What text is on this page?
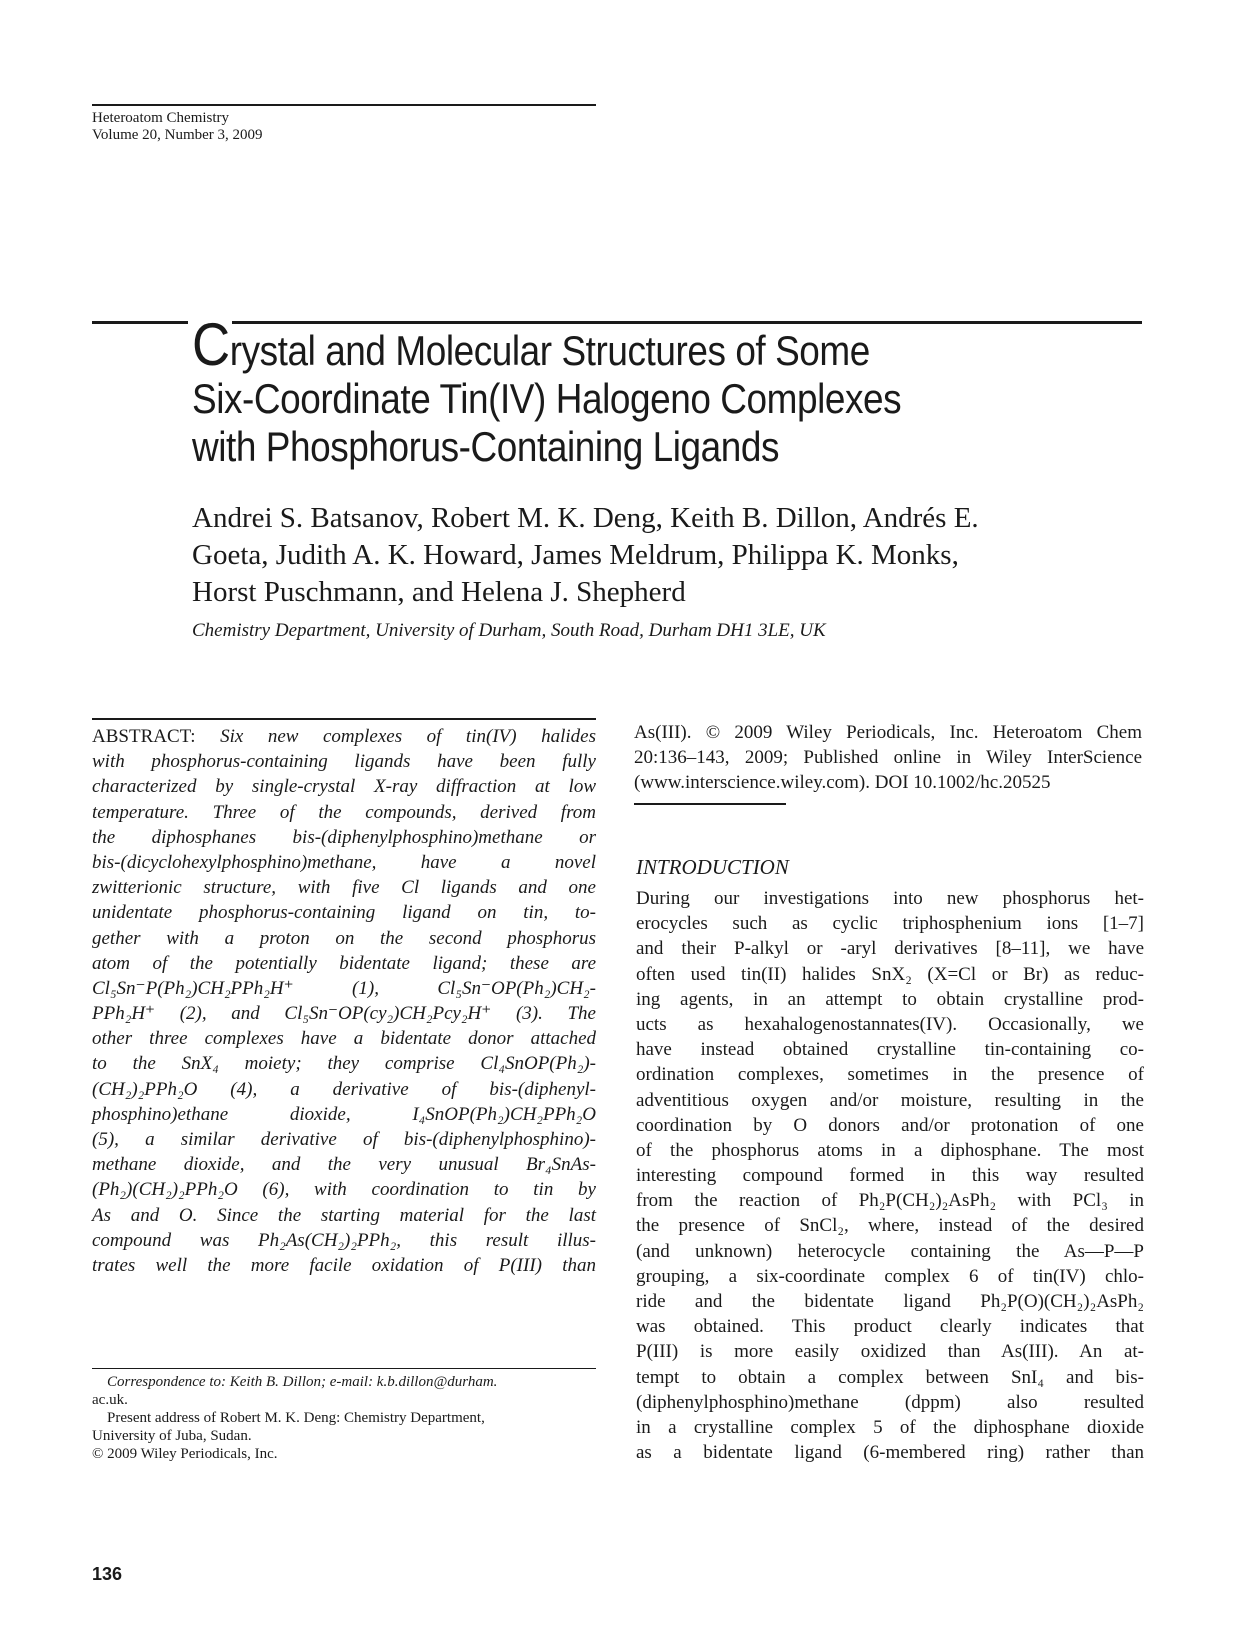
Heteroatom Chemistry
Volume 20, Number 3, 2009
Crystal and Molecular Structures of Some
Six-Coordinate Tin(IV) Halogeno Complexes
with Phosphorus-Containing Ligands
Andrei S. Batsanov, Robert M. K. Deng, Keith B. Dillon, Andrés E.
Goeta, Judith A. K. Howard, James Meldrum, Philippa K. Monks,
Horst Puschmann, and Helena J. Shepherd
Chemistry Department, University of Durham, South Road, Durham DH1 3LE, UK
ABSTRACT: Six new complexes of tin(IV) halides
with phosphorus-containing ligands have been fully
characterized by single-crystal X-ray diffraction at low
temperature. Three of the compounds, derived from
the diphosphanes bis-(diphenylphosphino)methane or
bis-(dicyclohexylphosphino)methane, have a novel
zwitterionic structure, with five Cl ligands and one
unidentate phosphorus-containing ligand on tin, to-
gether with a proton on the second phosphorus
atom of the potentially bidentate ligand; these are
Cl₅Sn⁻P(Ph₂)CH₂PPh₂H⁺ (1), Cl₅Sn⁻OP(Ph₂)CH₂-
PPh₂H⁺ (2), and Cl₅Sn⁻OP(cy₂)CH₂Pcy₂H⁺ (3). The
other three complexes have a bidentate donor attached
to the SnX₄ moiety; they comprise Cl₄SnOP(Ph₂)-
(CH₂)₂PPh₂O (4), a derivative of bis-(diphenyl-
phosphino)ethane dioxide, I₄SnOP(Ph₂)CH₂PPh₂O
(5), a similar derivative of bis-(diphenylphosphino)-
methane dioxide, and the very unusual Br₄SnAs-
(Ph₂)(CH₂)₂PPh₂O (6), with coordination to tin by
As and O. Since the starting material for the last
compound was Ph₂As(CH₂)₂PPh₂, this result illus-
trates well the more facile oxidation of P(III) than
Correspondence to: Keith B. Dillon; e-mail: k.b.dillon@durham.
ac.uk.
Present address of Robert M. K. Deng: Chemistry Department,
University of Juba, Sudan.
© 2009 Wiley Periodicals, Inc.
As(III). © 2009 Wiley Periodicals, Inc. Heteroatom Chem
20:136–143, 2009; Published online in Wiley InterScience
(www.interscience.wiley.com). DOI 10.1002/hc.20525
INTRODUCTION
During our investigations into new phosphorus het-
erocycles such as cyclic triphosphenium ions [1–7]
and their P-alkyl or -aryl derivatives [8–11], we have
often used tin(II) halides SnX₂ (X=Cl or Br) as reduc-
ing agents, in an attempt to obtain crystalline prod-
ucts as hexahalogenostannates(IV). Occasionally, we
have instead obtained crystalline tin-containing co-
ordination complexes, sometimes in the presence of
adventitious oxygen and/or moisture, resulting in the
coordination by O donors and/or protonation of one
of the phosphorus atoms in a diphosphane. The most
interesting compound formed in this way resulted
from the reaction of Ph₂P(CH₂)₂AsPh₂ with PCl₃ in
the presence of SnCl₂, where, instead of the desired
(and unknown) heterocycle containing the As—P—P
grouping, a six-coordinate complex 6 of tin(IV) chlo-
ride and the bidentate ligand Ph₂P(O)(CH₂)₂AsPh₂
was obtained. This product clearly indicates that
P(III) is more easily oxidized than As(III). An at-
tempt to obtain a complex between SnI₄ and bis-
(diphenylphosphino)methane (dppm) also resulted
in a crystalline complex 5 of the diphosphane dioxide
as a bidentate ligand (6-membered ring) rather than
136
